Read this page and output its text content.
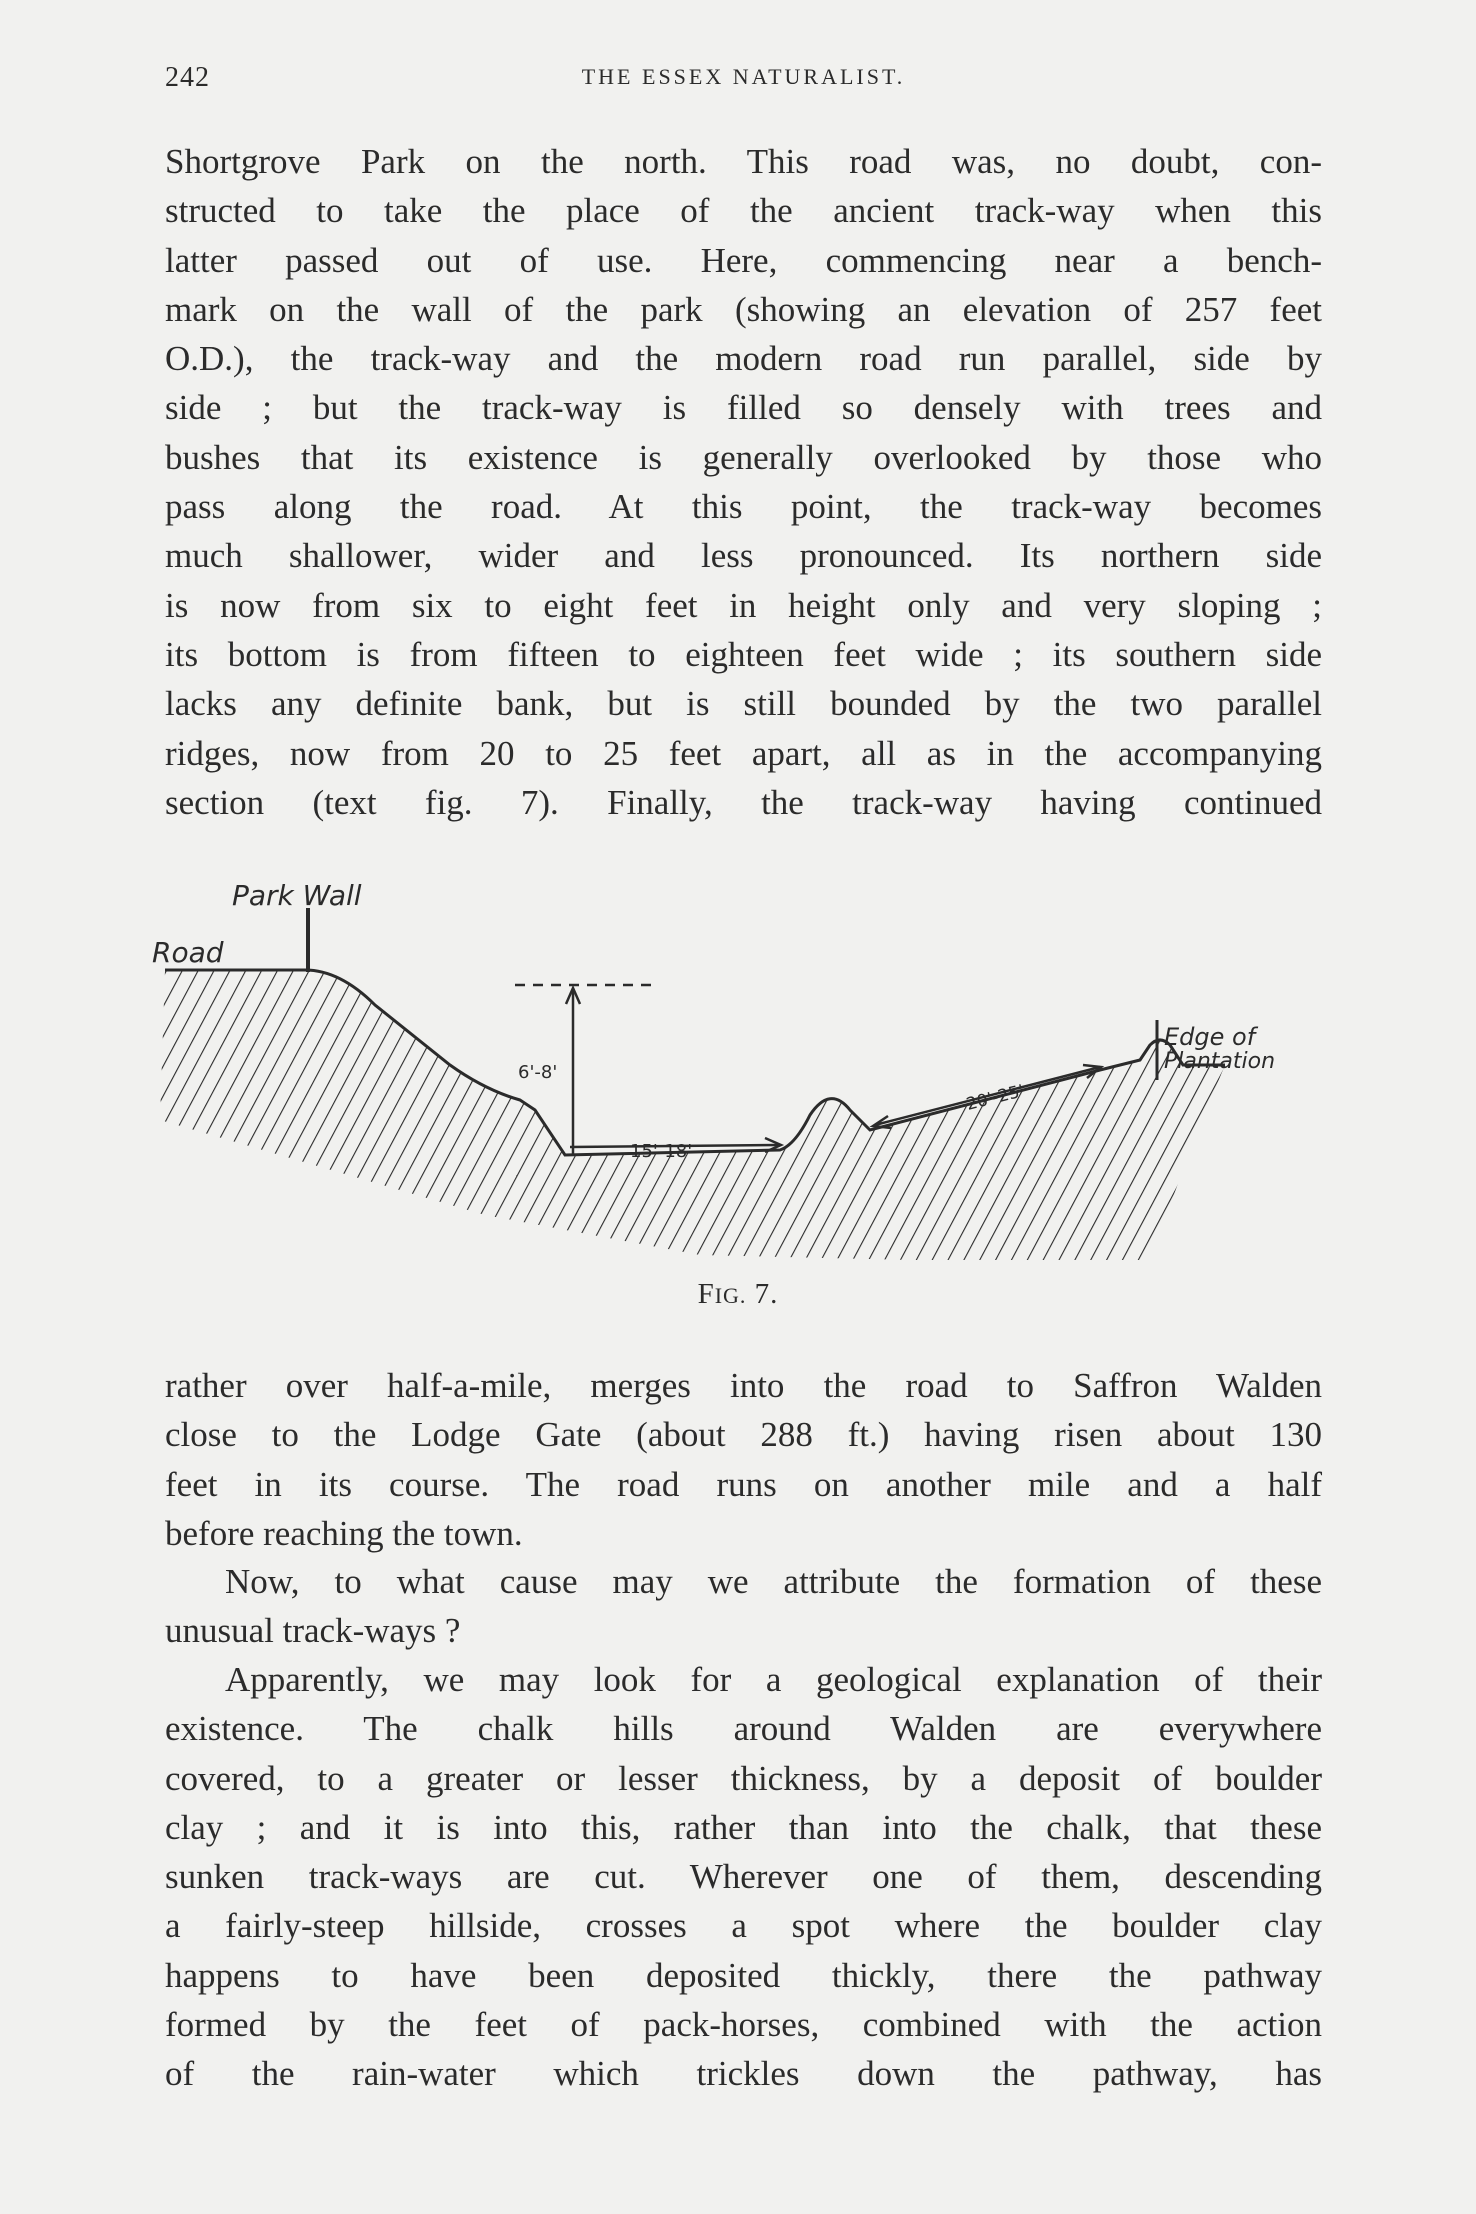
242	THE ESSEX NATURALIST.
Shortgrove Park on the north. This road was, no doubt, con-
structed to take the place of the ancient track-way when this
latter passed out of use. Here, commencing near a bench-
mark on the wall of the park (showing an elevation of 257 feet
O.D.), the track-way and the modern road run parallel, side by
side ; but the track-way is filled so densely with trees and
bushes that its existence is generally overlooked by those who
pass along the road. At this point, the track-way becomes
much shallower, wider and less pronounced. Its northern side
is now from six to eight feet in height only and very sloping ;
its bottom is from fifteen to eighteen feet wide ; its southern side
lacks any definite bank, but is still bounded by the two parallel
ridges, now from 20 to 25 feet apart, all as in the accompanying
section (text fig. 7). Finally, the track-way having continued
Park Wall
Road
6'-8'
15'-18'
20'-25'
Edge of
Plantation
FIG. 7.
rather over half-a-mile, merges into the road to Saffron Walden
close to the Lodge Gate (about 288 ft.) having risen about 130
feet in its course. The road runs on another mile and a half
before reaching the town.
Now, to what cause may we attribute the formation of these
unusual track-ways ?
Apparently, we may look for a geological explanation of their
existence. The chalk hills around Walden are everywhere
covered, to a greater or lesser thickness, by a deposit of boulder
clay ; and it is into this, rather than into the chalk, that these
sunken track-ways are cut. Wherever one of them, descending
a fairly-steep hillside, crosses a spot where the boulder clay
happens to have been deposited thickly, there the pathway
formed by the feet of pack-horses, combined with the action
of the rain-water which trickles down the pathway, has
